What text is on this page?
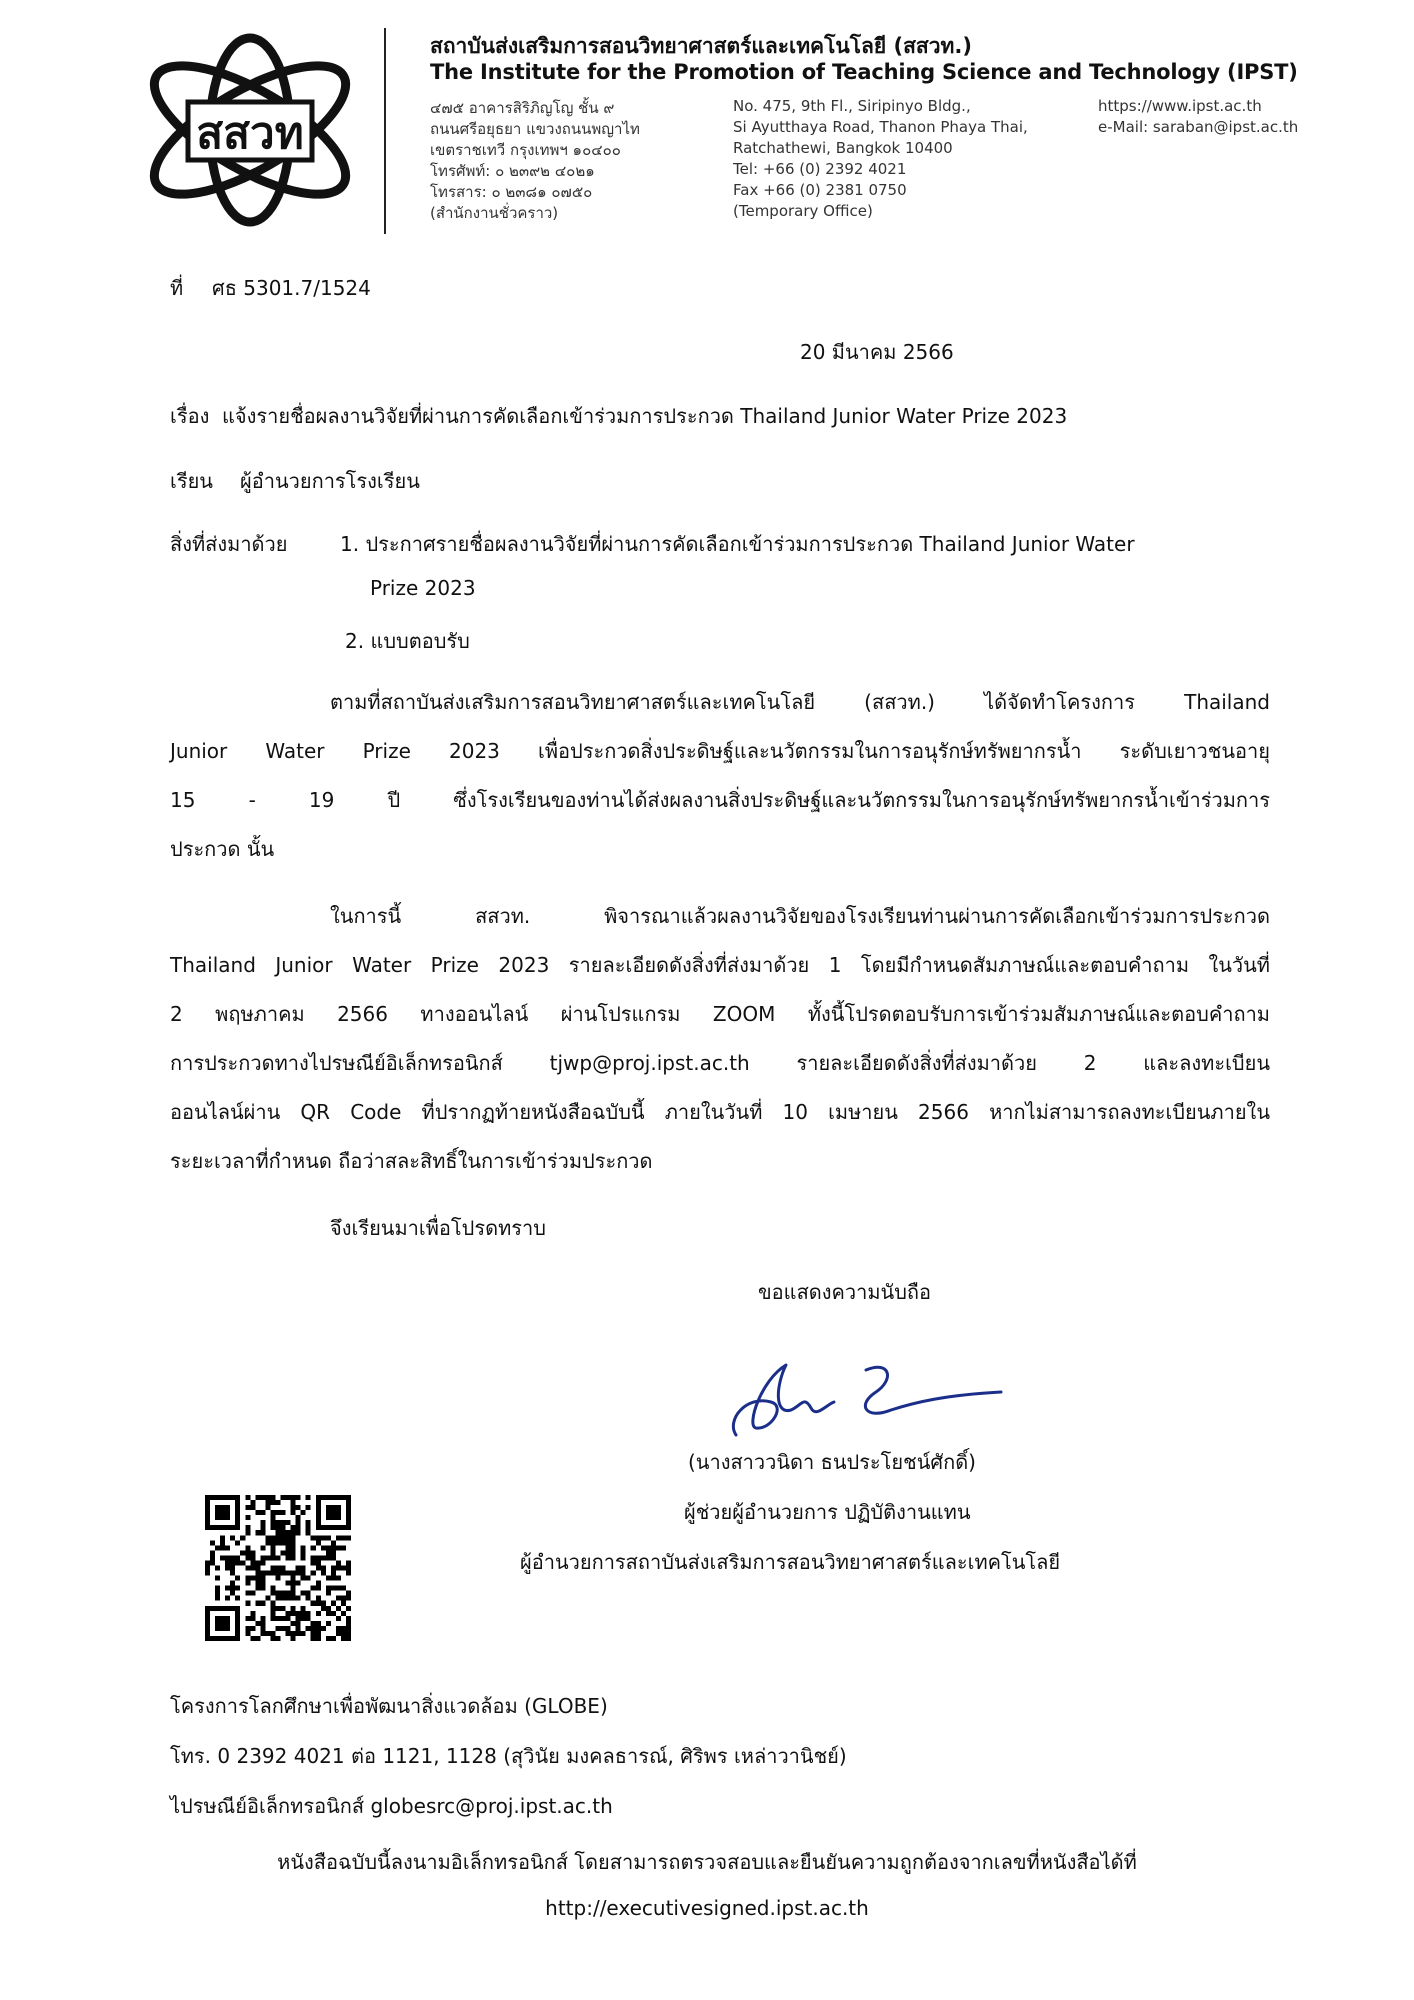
สสวท
สถาบันส่งเสริมการสอนวิทยาศาสตร์และเทคโนโลยี (สสวท.)
The Institute for the Promotion of Teaching Science and Technology (IPST)
๔๗๕ อาคารสิริภิญโญ ชั้น ๙
ถนนศรีอยุธยา แขวงถนนพญาไท
เขตราชเทวี กรุงเทพฯ ๑๐๔๐๐
โทรศัพท์: ๐ ๒๓๙๒ ๔๐๒๑
โทรสาร: ๐ ๒๓๘๑ ๐๗๕๐
(สำนักงานชั่วคราว)
No. 475, 9th Fl., Siripinyo Bldg.,
Si Ayutthaya Road, Thanon Phaya Thai,
Ratchathewi, Bangkok 10400
Tel: +66 (0) 2392 4021
Fax +66 (0) 2381 0750
(Temporary Office)
https://www.ipst.ac.th
e-Mail: saraban@ipst.ac.th
ที่ ศธ 5301.7/1524
20 มีนาคม 2566
เรื่อง แจ้งรายชื่อผลงานวิจัยที่ผ่านการคัดเลือกเข้าร่วมการประกวด Thailand Junior Water Prize 2023
เรียน ผู้อำนวยการโรงเรียน
สิ่งที่ส่งมาด้วย	1. ประกาศรายชื่อผลงานวิจัยที่ผ่านการคัดเลือกเข้าร่วมการประกวด Thailand Junior Water
Prize 2023
2. แบบตอบรับ
ตามที่สถาบันส่งเสริมการสอนวิทยาศาสตร์และเทคโนโลยี (สสวท.) ได้จัดทำโครงการ Thailand
Junior Water Prize 2023 เพื่อประกวดสิ่งประดิษฐ์และนวัตกรรมในการอนุรักษ์ทรัพยากรน้ำ ระดับเยาวชนอายุ
15 - 19 ปี ซึ่งโรงเรียนของท่านได้ส่งผลงานสิ่งประดิษฐ์และนวัตกรรมในการอนุรักษ์ทรัพยากรน้ำเข้าร่วมการ
ประกวด นั้น
ในการนี้ สสวท. พิจารณาแล้วผลงานวิจัยของโรงเรียนท่านผ่านการคัดเลือกเข้าร่วมการประกวด
Thailand Junior Water Prize 2023 รายละเอียดดังสิ่งที่ส่งมาด้วย 1 โดยมีกำหนดสัมภาษณ์และตอบคำถาม ในวันที่
2 พฤษภาคม 2566 ทางออนไลน์ ผ่านโปรแกรม ZOOM ทั้งนี้โปรดตอบรับการเข้าร่วมสัมภาษณ์และตอบคำถาม
การประกวดทางไปรษณีย์อิเล็กทรอนิกส์ tjwp@proj.ipst.ac.th รายละเอียดดังสิ่งที่ส่งมาด้วย 2 และลงทะเบียน
ออนไลน์ผ่าน QR Code ที่ปรากฏท้ายหนังสือฉบับนี้ ภายในวันที่ 10 เมษายน 2566 หากไม่สามารถลงทะเบียนภายใน
ระยะเวลาที่กำหนด ถือว่าสละสิทธิ์ในการเข้าร่วมประกวด
จึงเรียนมาเพื่อโปรดทราบ
ขอแสดงความนับถือ
(นางสาววนิดา ธนประโยชน์ศักดิ์)
ผู้ช่วยผู้อำนวยการ ปฏิบัติงานแทน
ผู้อำนวยการสถาบันส่งเสริมการสอนวิทยาศาสตร์และเทคโนโลยี
โครงการโลกศึกษาเพื่อพัฒนาสิ่งแวดล้อม (GLOBE)
โทร. 0 2392 4021 ต่อ 1121, 1128 (สุวินัย มงคลธารณ์, ศิริพร เหล่าวานิชย์)
ไปรษณีย์อิเล็กทรอนิกส์ globesrc@proj.ipst.ac.th
หนังสือฉบับนี้ลงนามอิเล็กทรอนิกส์ โดยสามารถตรวจสอบและยืนยันความถูกต้องจากเลขที่หนังสือได้ที่
http://executivesigned.ipst.ac.th
